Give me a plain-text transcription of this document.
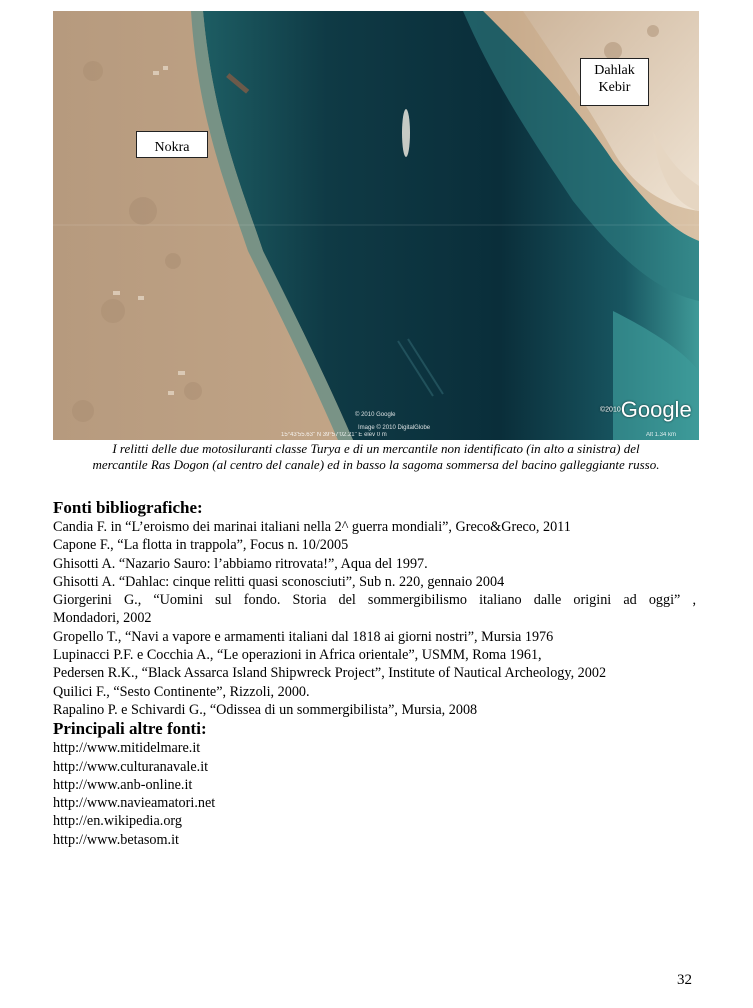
Dahlak
Kebir
Nokra
© 2010 Google
Image © 2010 DigitalGlobe
15°43'55.63" N 39°57'02.21" E elev 0 m	Alt 1.34 km
©2010Google
I relitti delle due motosiluranti classe Turya e di un mercantile non identificato (in alto a sinistra) del
mercantile Ras Dogon (al centro del canale) ed in basso la sagoma sommersa del bacino galleggiante russo.
Fonti bibliografiche:

Candia F. in “L’eroismo dei marinai italiani nella 2^ guerra mondiali”, Greco&Greco, 2011

Capone F., “La flotta in trappola”, Focus n. 10/2005

Ghisotti A. “Nazario Sauro: l’abbiamo ritrovata!”, Aqua del 1997.

Ghisotti A. “Dahlac: cinque relitti quasi sconosciuti”, Sub n. 220, gennaio 2004

Giorgerini G., “Uomini sul fondo. Storia del sommergibilismo italiano dalle origini ad oggi” ,

Mondadori, 2002

Gropello T., “Navi a vapore e armamenti italiani dal 1818 ai giorni nostri”, Mursia 1976

Lupinacci P.F. e Cocchia A., “Le operazioni in Africa orientale”, USMM, Roma 1961,

Pedersen R.K., “Black Assarca Island Shipwreck Project”, Institute of Nautical Archeology, 2002

Quilici F., “Sesto Continente”, Rizzoli, 2000.

Rapalino P. e Schivardi G., “Odissea di un sommergibilista”, Mursia, 2008

Principali altre fonti:

http://www.mitidelmare.it

http://www.culturanavale.it

http://www.anb-online.it

http://www.navieamatori.net

http://en.wikipedia.org

http://www.betasom.it

32
